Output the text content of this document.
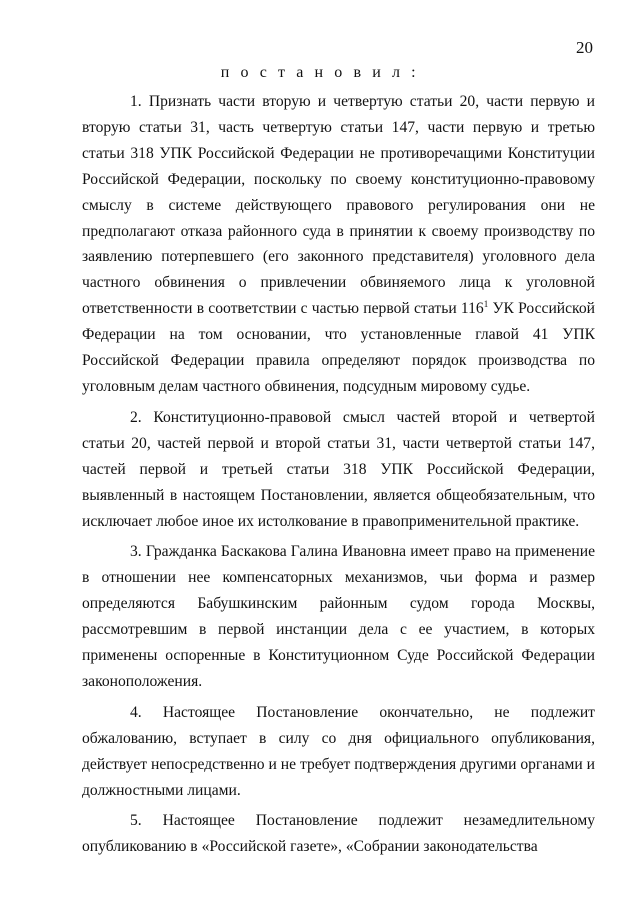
20
п о с т а н о в и л :

1. Признать части вторую и четвертую статьи 20, части первую и вторую статьи 31, часть четвертую статьи 147, части первую и третью статьи 318 УПК Российской Федерации не противоречащими Конституции Российской Федерации, поскольку по своему конституционно-правовому смыслу в системе действующего правового регулирования они не предполагают отказа районного суда в принятии к своему производству по заявлению потерпевшего (его законного представителя) уголовного дела частного обвинения о привлечении обвиняемого лица к уголовной ответственности в соответствии с частью первой статьи $116^1$ УК Российской Федерации на том основании, что установленные главой 41 УПК Российской Федерации правила определяют порядок производства по уголовным делам частного обвинения, подсудным мировому судье.

2. Конституционно-правовой смысл частей второй и четвертой статьи 20, частей первой и второй статьи 31, части четвертой статьи 147, частей первой и третьей статьи 318 УПК Российской Федерации, выявленный в настоящем Постановлении, является общеобязательным, что исключает любое иное их истолкование в правоприменительной практике.

3. Гражданка Баскакова Галина Ивановна имеет право на применение в отношении нее компенсаторных механизмов, чьи форма и размер определяются Бабушкинским районным судом города Москвы, рассмотревшим в первой инстанции дела с ее участием, в которых применены оспоренные в Конституционном Суде Российской Федерации законоположения.

4. Настоящее Постановление окончательно, не подлежит обжалованию, вступает в силу со дня официального опубликования, действует непосредственно и не требует подтверждения другими органами и должностными лицами.

5. Настоящее Постановление подлежит незамедлительному опубликованию в «Российской газете», «Собрании законодательства
